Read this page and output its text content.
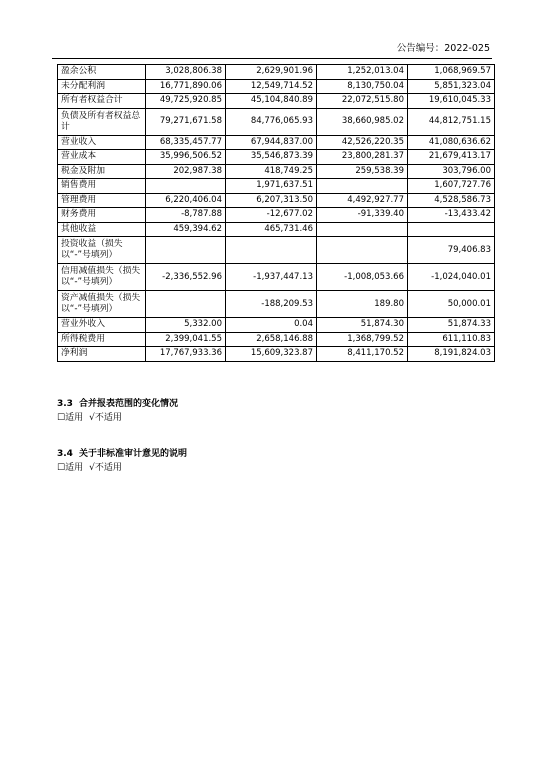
公告编号：2022-025
盈余公积	3,028,806.38	2,629,901.96	1,252,013.04	1,068,969.57
未分配利润	16,771,890.06	12,549,714.52	8,130,750.04	5,851,323.04
所有者权益合计	49,725,920.85	45,104,840.89	22,072,515.80	19,610,045.33
负债及所有者权益总计	79,271,671.58	84,776,065.93	38,660,985.02	44,812,751.15
营业收入	68,335,457.77	67,944,837.00	42,526,220.35	41,080,636.62
营业成本	35,996,506.52	35,546,873.39	23,800,281.37	21,679,413.17
税金及附加	202,987.38	418,749.25	259,538.39	303,796.00
销售费用		1,971,637.51		1,607,727.76
管理费用	6,220,406.04	6,207,313.50	4,492,927.77	4,528,586.73
财务费用	-8,787.88	-12,677.02	-91,339.40	-13,433.42
其他收益	459,394.62	465,731.46		
投资收益（损失以“-”号填列）				79,406.83
信用减值损失（损失以“-”号填列）	-2,336,552.96	-1,937,447.13	-1,008,053.66	-1,024,040.01
资产减值损失（损失以“-”号填列）		-188,209.53	189.80	50,000.01
营业外收入	5,332.00	0.04	51,874.30	51,874.33
所得税费用	2,399,041.55	2,658,146.88	1,368,799.52	611,110.83
净利润	17,767,933.36	15,609,323.87	8,411,170.52	8,191,824.03
3.3 合并报表范围的变化情况
☐适用 √不适用
3.4 关于非标准审计意见的说明
☐适用 √不适用
